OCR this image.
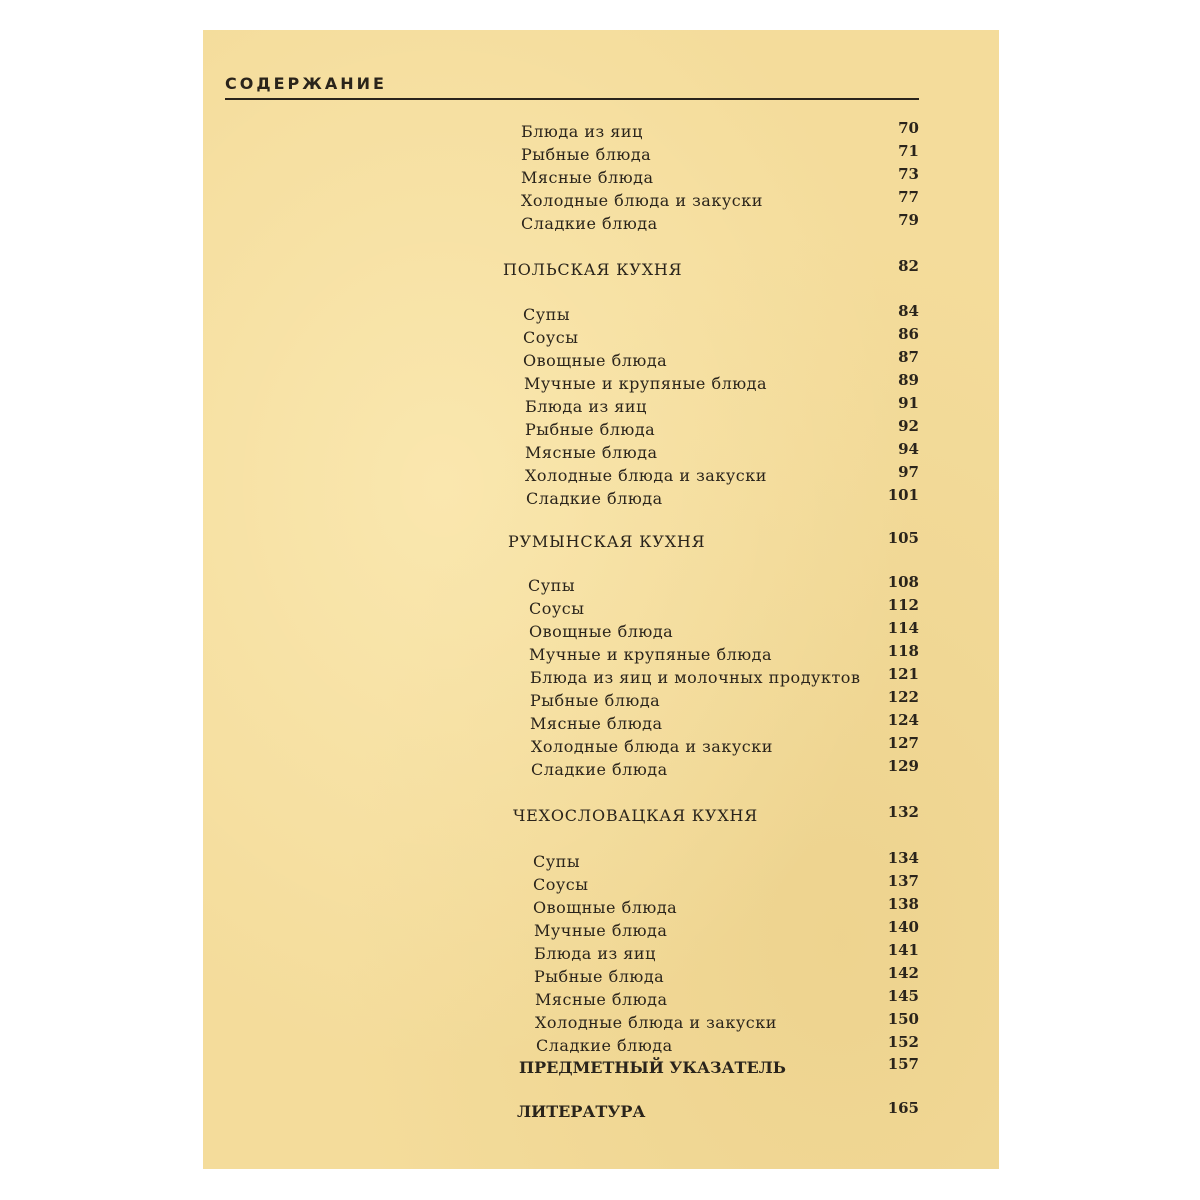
СОДЕРЖАНИЕ
Блюда из яиц	70
Рыбные блюда	71
Мясные блюда	73
Холодные блюда и закуски	77
Сладкие блюда	79
ПОЛЬСКАЯ КУХНЯ	82
Супы	84
Соусы	86
Овощные блюда	87
Мучные и крупяные блюда	89
Блюда из яиц	91
Рыбные блюда	92
Мясные блюда	94
Холодные блюда и закуски	97
Сладкие блюда	101
РУМЫНСКАЯ КУХНЯ	105
Супы	108
Соусы	112
Овощные блюда	114
Мучные и крупяные блюда	118
Блюда из яиц и молочных продуктов 121
Рыбные блюда	122
Мясные блюда	124
Холодные блюда и закуски	127
Сладкие блюда	129
ЧЕХОСЛОВАЦКАЯ КУХНЯ	132
Супы	134
Соусы	137
Овощные блюда	138
Мучные блюда	140
Блюда из яиц	141
Рыбные блюда	142
Мясные блюда	145
Холодные блюда и закуски	150
Сладкие блюда	152
ПРЕДМЕТНЫЙ УКАЗАТЕЛЬ	157
ЛИТЕРАТУРА	165
